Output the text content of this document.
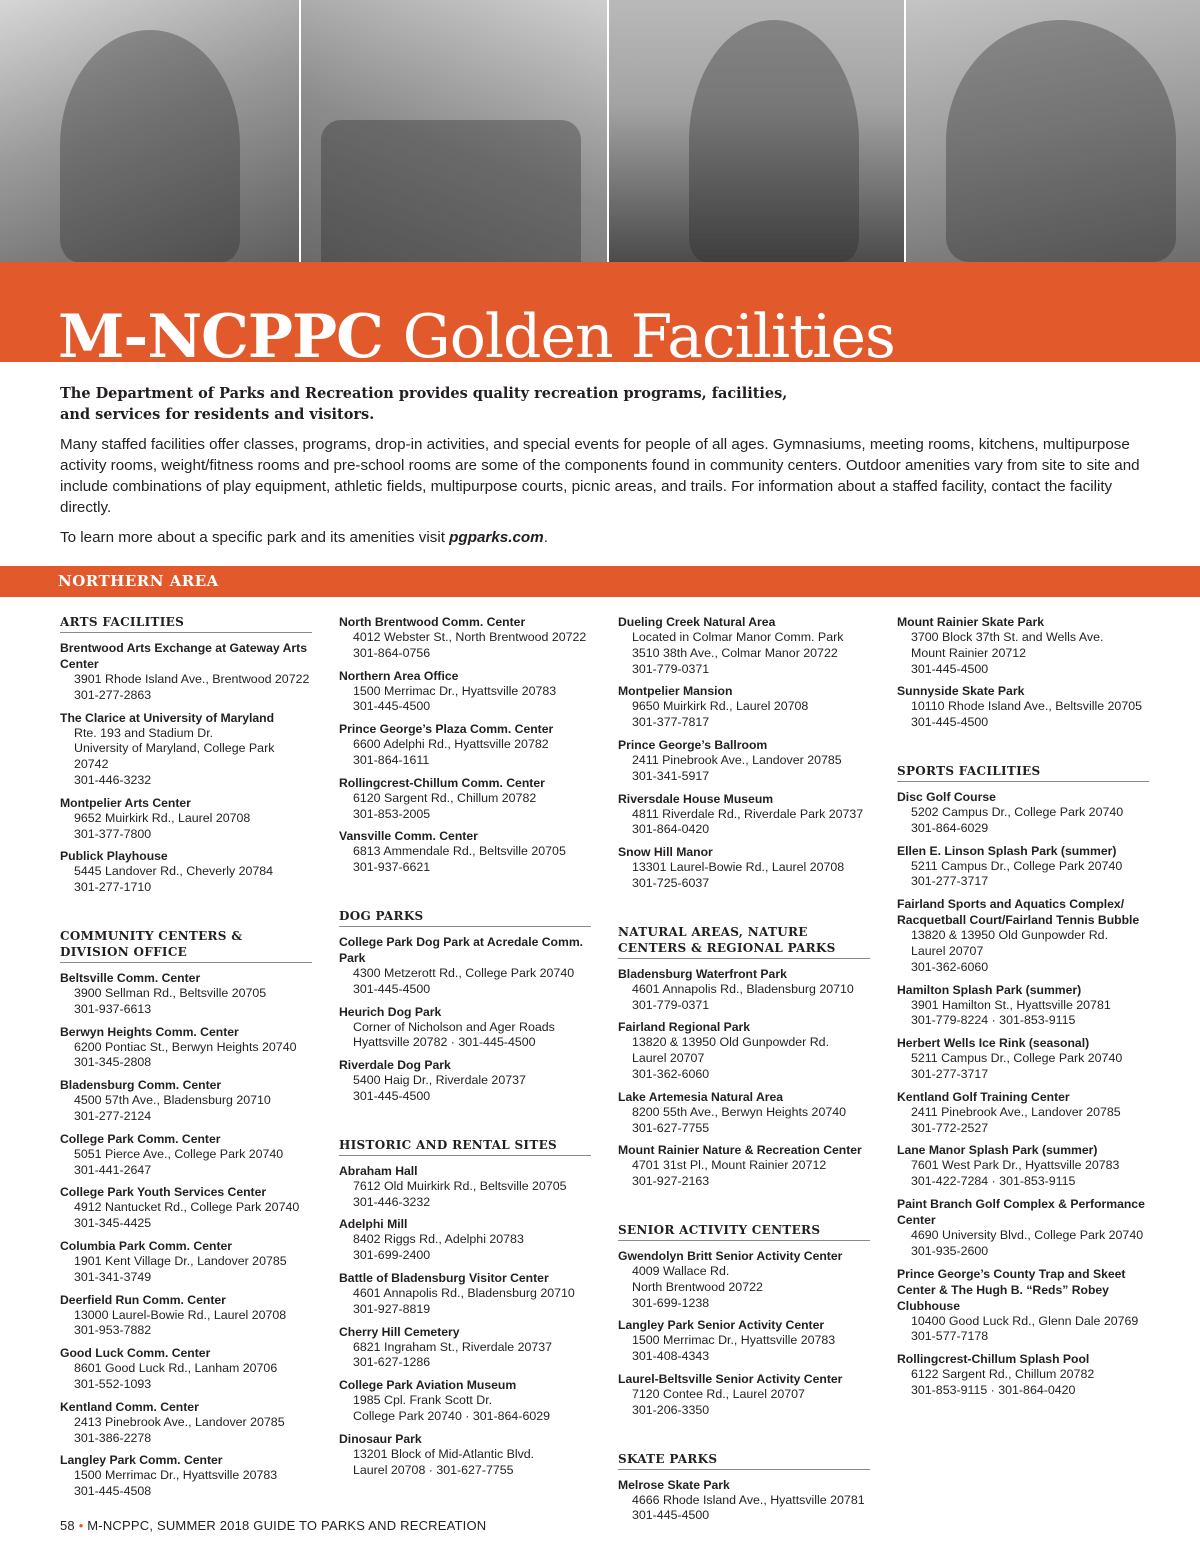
M-NCPPC Golden Facilities

The Department of Parks and Recreation provides quality recreation programs, facilities, and services for residents and visitors.

Many staffed facilities offer classes, programs, drop-in activities, and special events for people of all ages. Gymnasiums, meeting rooms, kitchens, multipurpose activity rooms, weight/fitness rooms and pre-school rooms are some of the components found in community centers. Outdoor amenities vary from site to site and include combinations of play equipment, athletic fields, multipurpose courts, picnic areas, and trails. For information about a staffed facility, contact the facility directly.

To learn more about a specific park and its amenities visit pgparks.com.

NORTHERN AREA
ARTS FACILITIES
Brentwood Arts Exchange at Gateway Arts Center
3901 Rhode Island Ave., Brentwood 20722
301-277-2863
The Clarice at University of Maryland
Rte. 193 and Stadium Dr.
University of Maryland, College Park 20742
301-446-3232
Montpelier Arts Center
9652 Muirkirk Rd., Laurel 20708
301-377-7800
Publick Playhouse
5445 Landover Rd., Cheverly 20784
301-277-1710
COMMUNITY CENTERS & DIVISION OFFICE
Beltsville Comm. Center
3900 Sellman Rd., Beltsville 20705
301-937-6613
Berwyn Heights Comm. Center
6200 Pontiac St., Berwyn Heights 20740
301-345-2808
Bladensburg Comm. Center
4500 57th Ave., Bladensburg 20710
301-277-2124
College Park Comm. Center
5051 Pierce Ave., College Park 20740
301-441-2647
College Park Youth Services Center
4912 Nantucket Rd., College Park 20740
301-345-4425
Columbia Park Comm. Center
1901 Kent Village Dr., Landover 20785
301-341-3749
Deerfield Run Comm. Center
13000 Laurel-Bowie Rd., Laurel 20708
301-953-7882
Good Luck Comm. Center
8601 Good Luck Rd., Lanham 20706
301-552-1093
Kentland Comm. Center
2413 Pinebrook Ave., Landover 20785
301-386-2278
Langley Park Comm. Center
1500 Merrimac Dr., Hyattsville 20783
301-445-4508
North Brentwood Comm. Center
4012 Webster St., North Brentwood 20722
301-864-0756
Northern Area Office
1500 Merrimac Dr., Hyattsville 20783
301-445-4500
Prince George’s Plaza Comm. Center
6600 Adelphi Rd., Hyattsville 20782
301-864-1611
Rollingcrest-Chillum Comm. Center
6120 Sargent Rd., Chillum 20782
301-853-2005
Vansville Comm. Center
6813 Ammendale Rd., Beltsville 20705
301-937-6621
DOG PARKS
College Park Dog Park at Acredale Comm. Park
4300 Metzerott Rd., College Park 20740
301-445-4500
Heurich Dog Park
Corner of Nicholson and Ager Roads
Hyattsville 20782 · 301-445-4500
Riverdale Dog Park
5400 Haig Dr., Riverdale 20737
301-445-4500
HISTORIC AND RENTAL SITES
Abraham Hall
7612 Old Muirkirk Rd., Beltsville 20705
301-446-3232
Adelphi Mill
8402 Riggs Rd., Adelphi 20783
301-699-2400
Battle of Bladensburg Visitor Center
4601 Annapolis Rd., Bladensburg 20710
301-927-8819
Cherry Hill Cemetery
6821 Ingraham St., Riverdale 20737
301-627-1286
College Park Aviation Museum
1985 Cpl. Frank Scott Dr.
College Park 20740 · 301-864-6029
Dinosaur Park
13201 Block of Mid-Atlantic Blvd.
Laurel 20708 · 301-627-7755
Dueling Creek Natural Area
Located in Colmar Manor Comm. Park
3510 38th Ave., Colmar Manor 20722
301-779-0371
Montpelier Mansion
9650 Muirkirk Rd., Laurel 20708
301-377-7817
Prince George’s Ballroom
2411 Pinebrook Ave., Landover 20785
301-341-5917
Riversdale House Museum
4811 Riverdale Rd., Riverdale Park 20737
301-864-0420
Snow Hill Manor
13301 Laurel-Bowie Rd., Laurel 20708
301-725-6037
NATURAL AREAS, NATURE CENTERS & REGIONAL PARKS
Bladensburg Waterfront Park
4601 Annapolis Rd., Bladensburg 20710
301-779-0371
Fairland Regional Park
13820 & 13950 Old Gunpowder Rd.
Laurel 20707
301-362-6060
Lake Artemesia Natural Area
8200 55th Ave., Berwyn Heights 20740
301-627-7755
Mount Rainier Nature & Recreation Center
4701 31st Pl., Mount Rainier 20712
301-927-2163
SENIOR ACTIVITY CENTERS
Gwendolyn Britt Senior Activity Center
4009 Wallace Rd.
North Brentwood 20722
301-699-1238
Langley Park Senior Activity Center
1500 Merrimac Dr., Hyattsville 20783
301-408-4343
Laurel-Beltsville Senior Activity Center
7120 Contee Rd., Laurel 20707
301-206-3350
SKATE PARKS
Melrose Skate Park
4666 Rhode Island Ave., Hyattsville 20781
301-445-4500
Mount Rainier Skate Park
3700 Block 37th St. and Wells Ave.
Mount Rainier 20712
301-445-4500
Sunnyside Skate Park
10110 Rhode Island Ave., Beltsville 20705
301-445-4500
SPORTS FACILITIES
Disc Golf Course
5202 Campus Dr., College Park 20740
301-864-6029
Ellen E. Linson Splash Park (summer)
5211 Campus Dr., College Park 20740
301-277-3717
Fairland Sports and Aquatics Complex/ Racquetball Court/Fairland Tennis Bubble
13820 & 13950 Old Gunpowder Rd.
Laurel 20707
301-362-6060
Hamilton Splash Park (summer)
3901 Hamilton St., Hyattsville 20781
301-779-8224 · 301-853-9115
Herbert Wells Ice Rink (seasonal)
5211 Campus Dr., College Park 20740
301-277-3717
Kentland Golf Training Center
2411 Pinebrook Ave., Landover 20785
301-772-2527
Lane Manor Splash Park (summer)
7601 West Park Dr., Hyattsville 20783
301-422-7284 · 301-853-9115
Paint Branch Golf Complex & Performance Center
4690 University Blvd., College Park 20740
301-935-2600
Prince George’s County Trap and Skeet Center & The Hugh B. “Reds” Robey Clubhouse
10400 Good Luck Rd., Glenn Dale 20769
301-577-7178
Rollingcrest-Chillum Splash Pool
6122 Sargent Rd., Chillum 20782
301-853-9115 · 301-864-0420
58 • M-NCPPC, SUMMER 2018 GUIDE TO PARKS AND RECREATION
